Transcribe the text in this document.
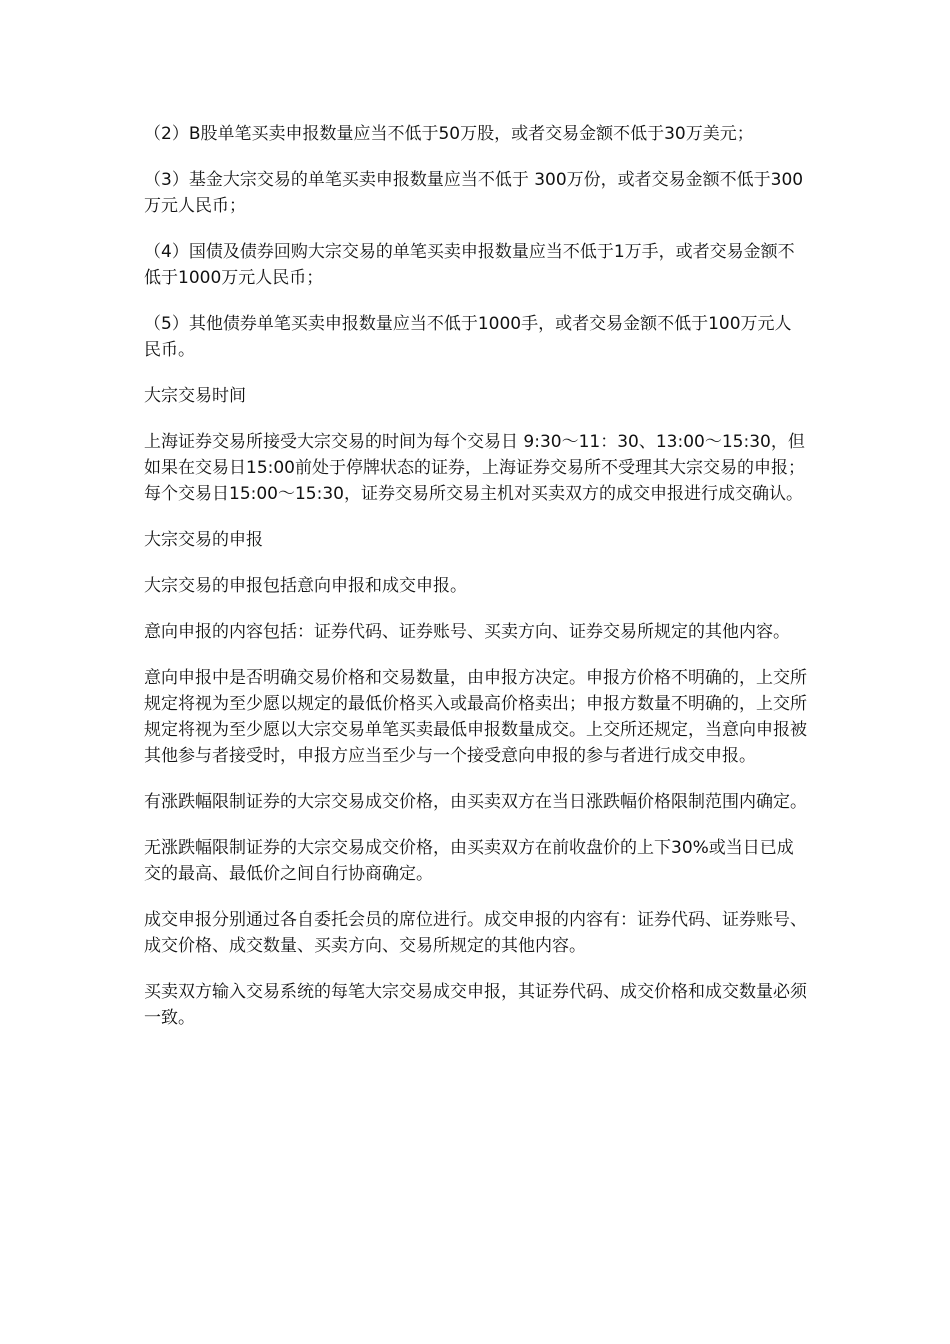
（2）B股单笔买卖申报数量应当不低于50万股，或者交易金额不低于30万美元；

（3）基金大宗交易的单笔买卖申报数量应当不低于 300万份，或者交易金额不低于300万元人民币；

（4）国债及债券回购大宗交易的单笔买卖申报数量应当不低于1万手，或者交易金额不低于1000万元人民币；

（5）其他债券单笔买卖申报数量应当不低于1000手，或者交易金额不低于100万元人民币。

大宗交易时间

上海证券交易所接受大宗交易的时间为每个交易日 9:30～11：30、13:00～15:30，但如果在交易日15:00前处于停牌状态的证券，上海证券交易所不受理其大宗交易的申报；每个交易日15:00～15:30，证券交易所交易主机对买卖双方的成交申报进行成交确认。

大宗交易的申报

大宗交易的申报包括意向申报和成交申报。

意向申报的内容包括：证券代码、证券账号、买卖方向、证券交易所规定的其他内容。

意向申报中是否明确交易价格和交易数量，由申报方决定。申报方价格不明确的，上交所规定将视为至少愿以规定的最低价格买入或最高价格卖出；申报方数量不明确的，上交所规定将视为至少愿以大宗交易单笔买卖最低申报数量成交。上交所还规定，当意向申报被其他参与者接受时，申报方应当至少与一个接受意向申报的参与者进行成交申报。

有涨跌幅限制证券的大宗交易成交价格，由买卖双方在当日涨跌幅价格限制范围内确定。

无涨跌幅限制证券的大宗交易成交价格，由买卖双方在前收盘价的上下30%或当日已成交的最高、最低价之间自行协商确定。

成交申报分别通过各自委托会员的席位进行。成交申报的内容有：证券代码、证券账号、成交价格、成交数量、买卖方向、交易所规定的其他内容。

买卖双方输入交易系统的每笔大宗交易成交申报，其证券代码、成交价格和成交数量必须一致。
